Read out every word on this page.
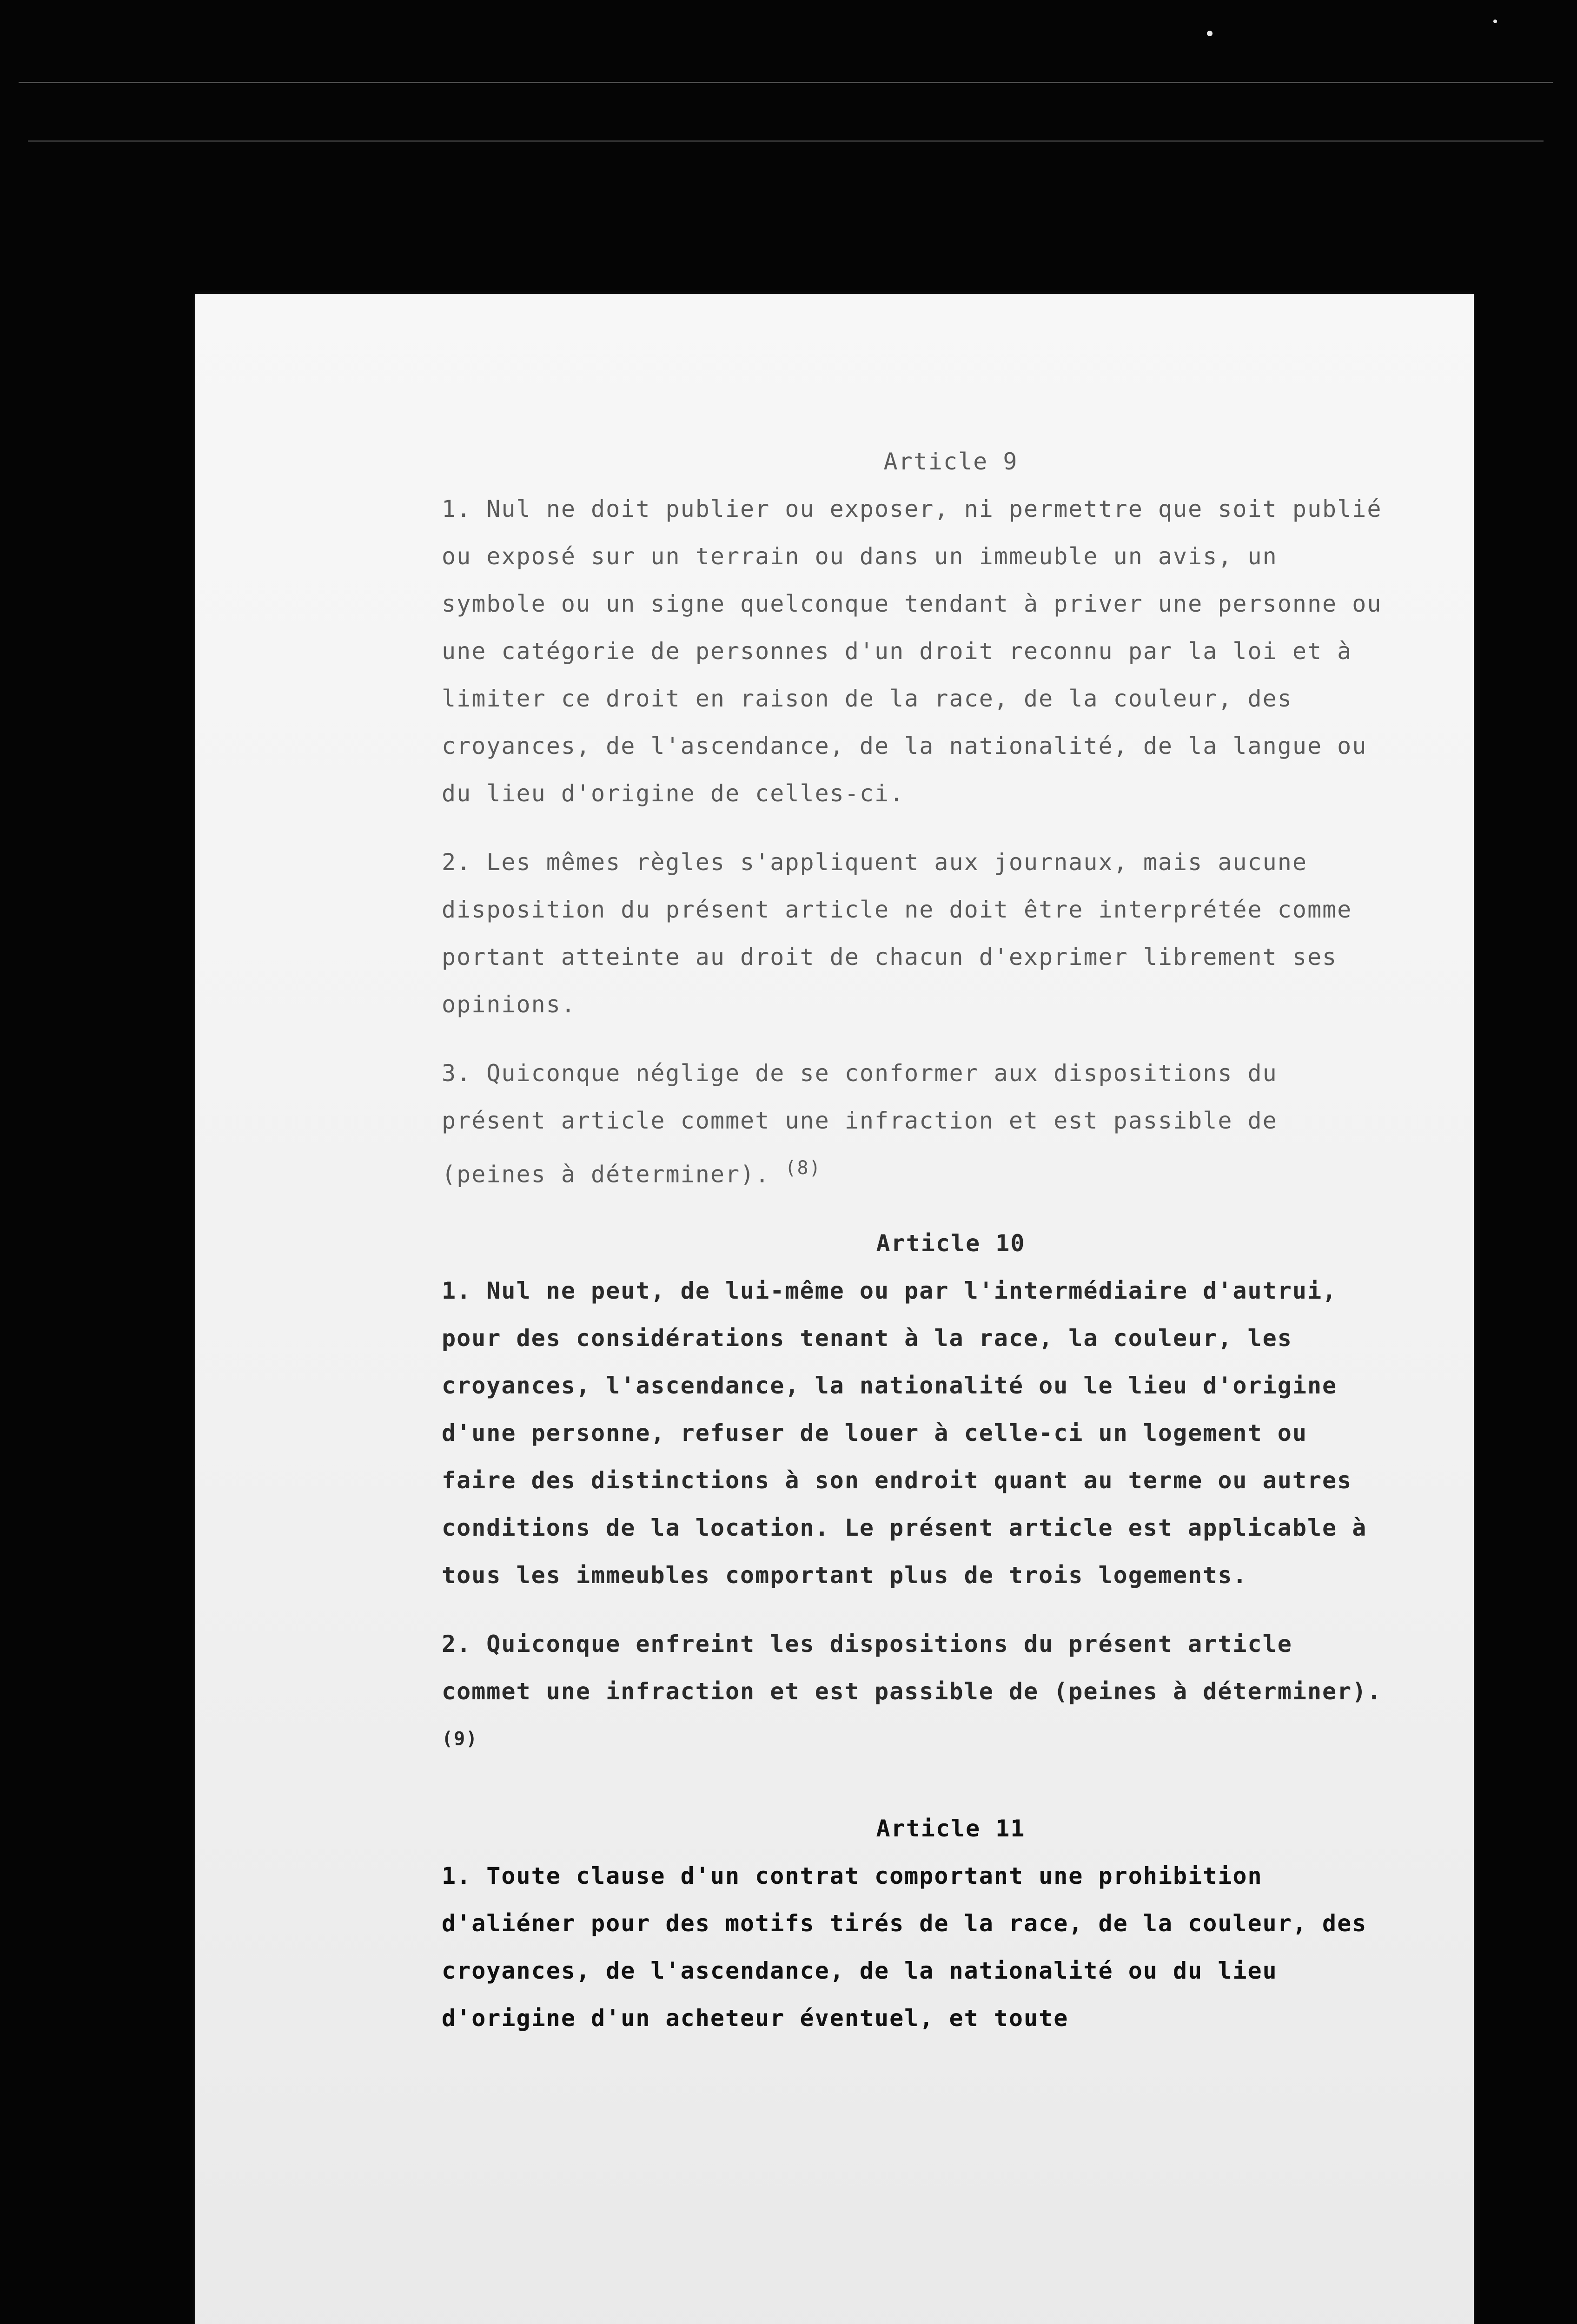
Article 9

1. Nul ne doit publier ou exposer, ni permettre que soit publié ou exposé sur un terrain ou dans un immeuble un avis, un symbole ou un signe quelconque tendant à priver une personne ou une catégorie de personnes d'un droit reconnu par la loi et à limiter ce droit en raison de la race, de la couleur, des croyances, de l'ascendance, de la nationalité, de la langue ou du lieu d'origine de celles-ci.

2. Les mêmes règles s'appliquent aux journaux, mais aucune disposition du présent article ne doit être interprétée comme portant atteinte au droit de chacun d'exprimer librement ses opinions.

3. Quiconque néglige de se conformer aux dispositions du présent article commet une infraction et est passible de (peines à déterminer). $^{(8)}$

Article 10

1. Nul ne peut, de lui-même ou par l'intermédiaire d'autrui, pour des considérations tenant à la race, la couleur, les croyances, l'ascendance, la nationalité ou le lieu d'origine d'une personne, refuser de louer à celle-ci un logement ou faire des distinctions à son endroit quant au terme ou autres conditions de la location. Le présent article est applicable à tous les immeubles comportant plus de trois logements.

2. Quiconque enfreint les dispositions du présent article commet une infraction et est passible de (peines à déterminer). $^{(9)}$

Article 11

1. Toute clause d'un contrat comportant une prohibition d'aliéner pour des motifs tirés de la race, de la couleur, des croyances, de l'ascendance, de la nationalité ou du lieu d'origine d'un acheteur éventuel, et toute
